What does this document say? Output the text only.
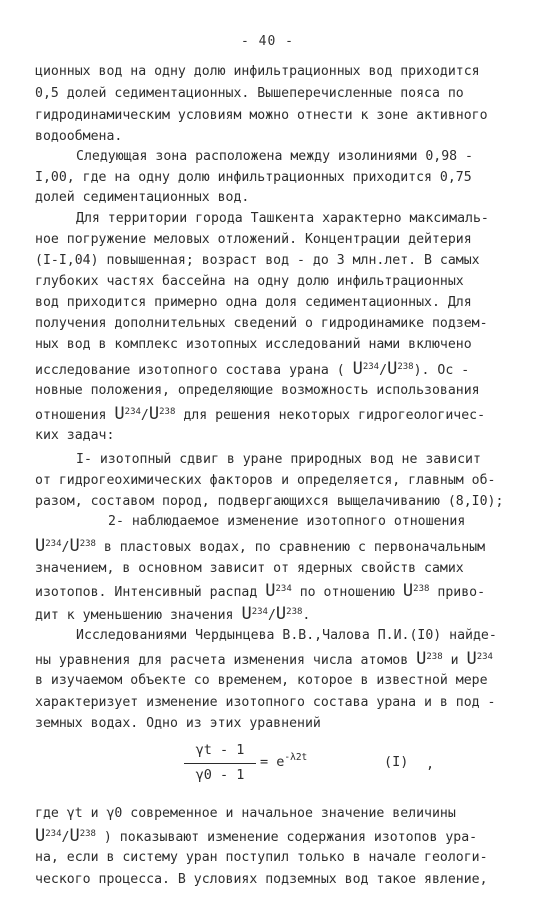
- 40 -
ционных вод на одну долю инфильтрационных вод приходится
0,5 долей седиментационных. Вышеперечисленные пояса по
гидродинамическим условиям можно отнести к зоне активного
водообмена.
Следующая зона расположена между изолиниями 0,98 -
I,00, где на одну долю инфильтрационных приходится 0,75
долей седиментационных вод.
Для территории города Ташкента характерно максималь-
ное погружение меловых отложений. Концентрации дейтерия
(I-I,04) повышенная; возраст вод - до 3 млн.лет. В самых
глубоких частях бассейна на одну долю инфильтрационных
вод приходится примерно одна доля седиментационных. Для
получения дополнительных сведений о гидродинамике подзем-
ных вод в комплекс изотопных исследований нами включено
исследование изотопного состава урана ( $U^{234}/U^{238}$). Ос -
новные положения, определяющие возможность использования
отношения $U^{234}/U^{238}$ для решения некоторых гидрогеологичес-
ких задач:
I- изотопный сдвиг в уране природных вод не зависит
от гидрогеохимических факторов и определяется, главным об-
разом, составом пород, подвергающихся выщелачиванию (8,I0);
2- наблюдаемое изменение изотопного отношения
$U^{234}/U^{238}$ в пластовых водах, по сравнению с первоначальным
значением, в основном зависит от ядерных свойств самих
изотопов. Интенсивный распад $U^{234}$ по отношению $U^{238}$ приво-
дит к уменьшению значения $U^{234}/U^{238}$.
Исследованиями Чердынцева В.В.,Чалова П.И.(I0) найде-
ны уравнения для расчета изменения числа атомов $U^{238}$ и $U^{234}$
γt - 1
γ0 - 1
= $e^{-\lambda 2t}$	(I) ,
где γt и γ0 современное и начальное значение величины
$U^{234}/U^{238}$ ) показывают изменение содержания изотопов ура-
на, если в систему уран поступил только в начале геологи-
ческого процесса. В условиях подземных вод такое явление,
в изучаемом объекте со временем, которое в известной мере
характеризует изменение изотопного состава урана и в под -
земных водах. Одно из этих уравнений
